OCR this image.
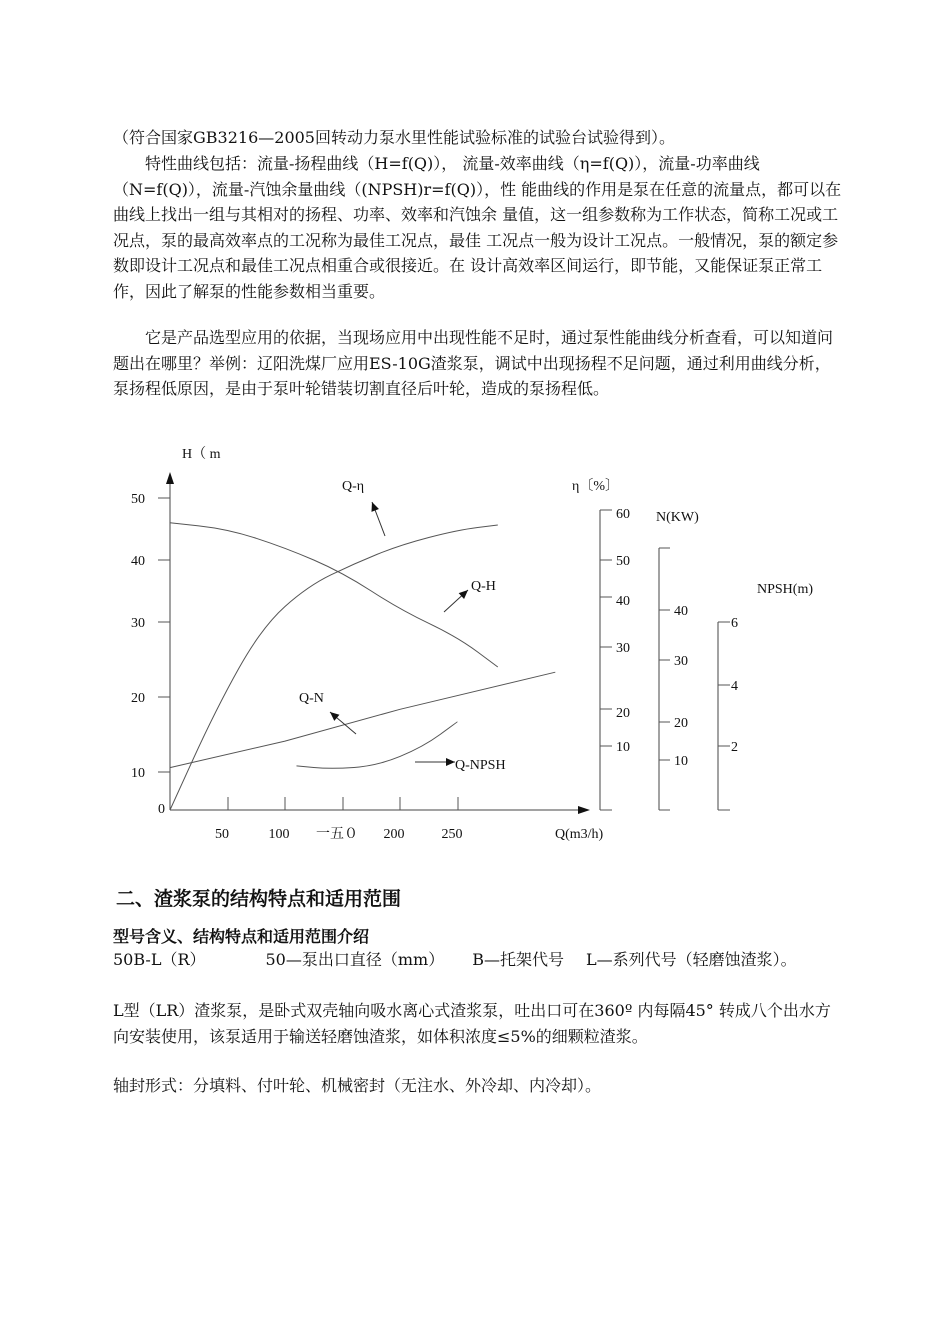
（符合国家GB3216—2005回转动力泵水里性能试验标准的试验台试验得到）。
特性曲线包括：流量-扬程曲线（H=f(Q)）， 流量-效率曲线（η=f(Q)），流量-功率曲线（N=f(Q)），流量-汽蚀余量曲线（(NPSH)r=f(Q)），性 能曲线的作用是泵在任意的流量点，都可以在曲线上找出一组与其相对的扬程、功率、效率和汽蚀余 量值，这一组参数称为工作状态，简称工况或工况点，泵的最高效率点的工况称为最佳工况点，最佳 工况点一般为设计工况点。一般情况，泵的额定参数即设计工况点和最佳工况点相重合或很接近。在 设计高效率区间运行，即节能，又能保证泵正常工作，因此了解泵的性能参数相当重要。
它是产品选型应用的依据，当现场应用中出现性能不足时，通过泵性能曲线分析查看，可以知道问题出在哪里？举例：辽阳洗煤厂应用ES-10G渣浆泵，调试中出现扬程不足问题，通过利用曲线分析，泵扬程低原因，是由于泵叶轮错装切割直径后叶轮，造成的泵扬程低。
50
40
30
20
10
H（ m
0
50	100 一五０ 200	250	Q(m3/h)
60
50
40
30
20
10
η〔%〕
40
30
20
10
N(KW)
6
4
2
NPSH(m)
Q-η
Q-H
Q-N
Q-NPSH
二、渣浆泵的结构特点和适用范围
型号含义、结构特点和适用范围介绍
50B-L（R）	50—泵出口直径（mm） B—托架代号 L—系列代号（轻磨蚀渣浆）。
L型（LR）渣浆泵，是卧式双壳轴向吸水离心式渣浆泵，吐出口可在360º 内每隔45° 转成八个出水方向安装使用，该泵适用于输送轻磨蚀渣浆，如体积浓度≤5%的细颗粒渣浆。
轴封形式：分填料、付叶轮、机械密封（无注水、外冷却、内冷却）。
